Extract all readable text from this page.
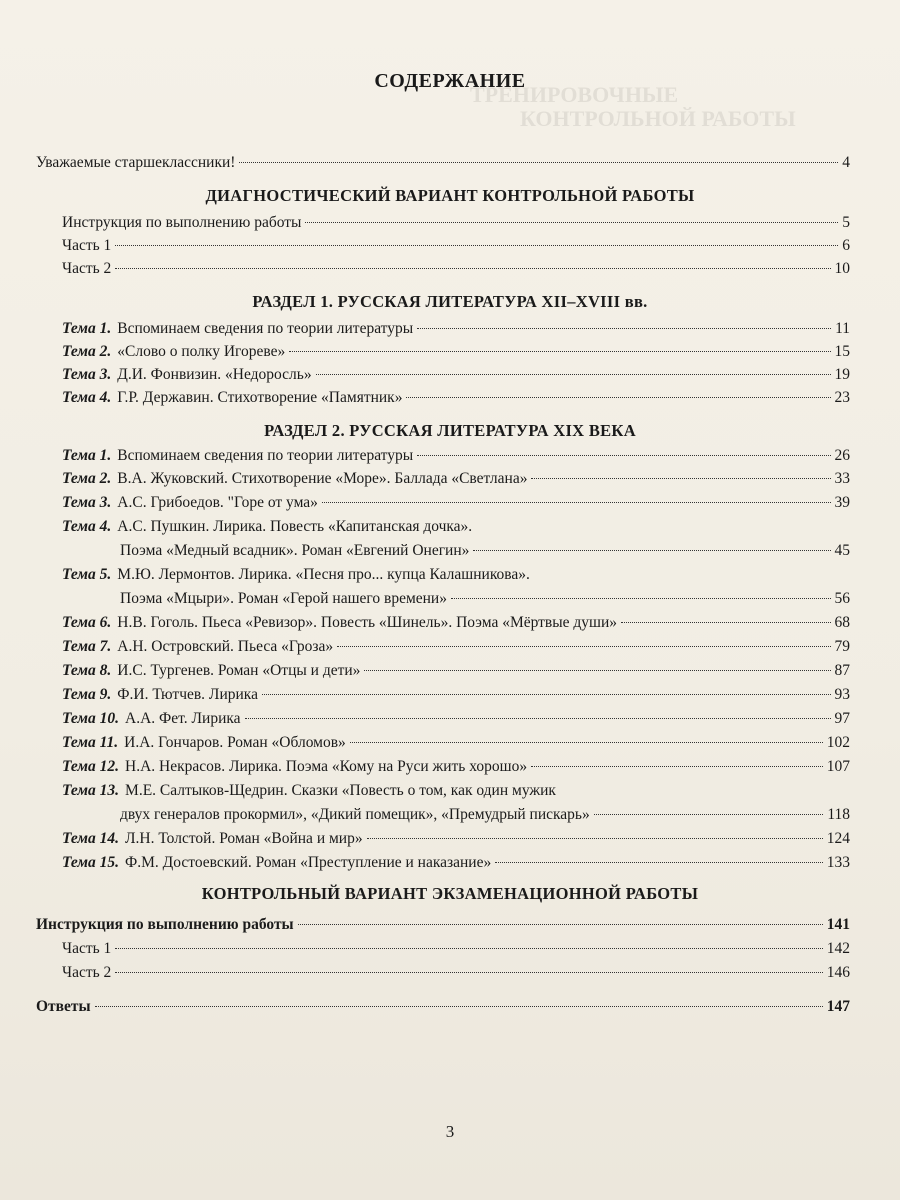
ТРЕНИРОВОЧНЫЕ
КОНТРОЛЬНОЙ РАБОТЫ
СОДЕРЖАНИЕ
Уважаемые старшеклассники!	4
ДИАГНОСТИЧЕСКИЙ ВАРИАНТ КОНТРОЛЬНОЙ РАБОТЫ
Инструкция по выполнению работы	5
Часть 1	6
Часть 2	10
РАЗДЕЛ 1. РУССКАЯ ЛИТЕРАТУРА XII–XVIII вв.
Тема 1. Вспоминаем сведения по теории литературы	11
Тема 2. «Слово о полку Игореве»	15
Тема 3. Д.И. Фонвизин. «Недоросль»	19
Тема 4. Г.Р. Державин. Стихотворение «Памятник»	23
РАЗДЕЛ 2. РУССКАЯ ЛИТЕРАТУРА XIX ВЕКА
Тема 1. Вспоминаем сведения по теории литературы	26
Тема 2. В.А. Жуковский. Стихотворение «Море». Баллада «Светлана»	33
Тема 3. А.С. Грибоедов. "Горе от ума»	39
Тема 4. А.С. Пушкин. Лирика. Повесть «Капитанская дочка».
Поэма «Медный всадник». Роман «Евгений Онегин»	45
Тема 5. М.Ю. Лермонтов. Лирика. «Песня про... купца Калашникова».
Поэма «Мцыри». Роман «Герой нашего времени»	56
Тема 6. Н.В. Гоголь. Пьеса «Ревизор». Повесть «Шинель». Поэма «Мёртвые души»	68
Тема 7. А.Н. Островский. Пьеса «Гроза»	79
Тема 8. И.С. Тургенев. Роман «Отцы и дети»	87
Тема 9. Ф.И. Тютчев. Лирика	93
Тема 10. А.А. Фет. Лирика	97
Тема 11. И.А. Гончаров. Роман «Обломов»	102
Тема 12. Н.А. Некрасов. Лирика. Поэма «Кому на Руси жить хорошо»	107
Тема 13. М.Е. Салтыков-Щедрин. Сказки «Повесть о том, как один мужик
двух генералов прокормил», «Дикий помещик», «Премудрый пискарь»	118
Тема 14. Л.Н. Толстой. Роман «Война и мир»	124
Тема 15. Ф.М. Достоевский. Роман «Преступление и наказание»	133
КОНТРОЛЬНЫЙ ВАРИАНТ ЭКЗАМЕНАЦИОННОЙ РАБОТЫ
Инструкция по выполнению работы	141
Часть 1	142
Часть 2	146
Ответы	147
3
